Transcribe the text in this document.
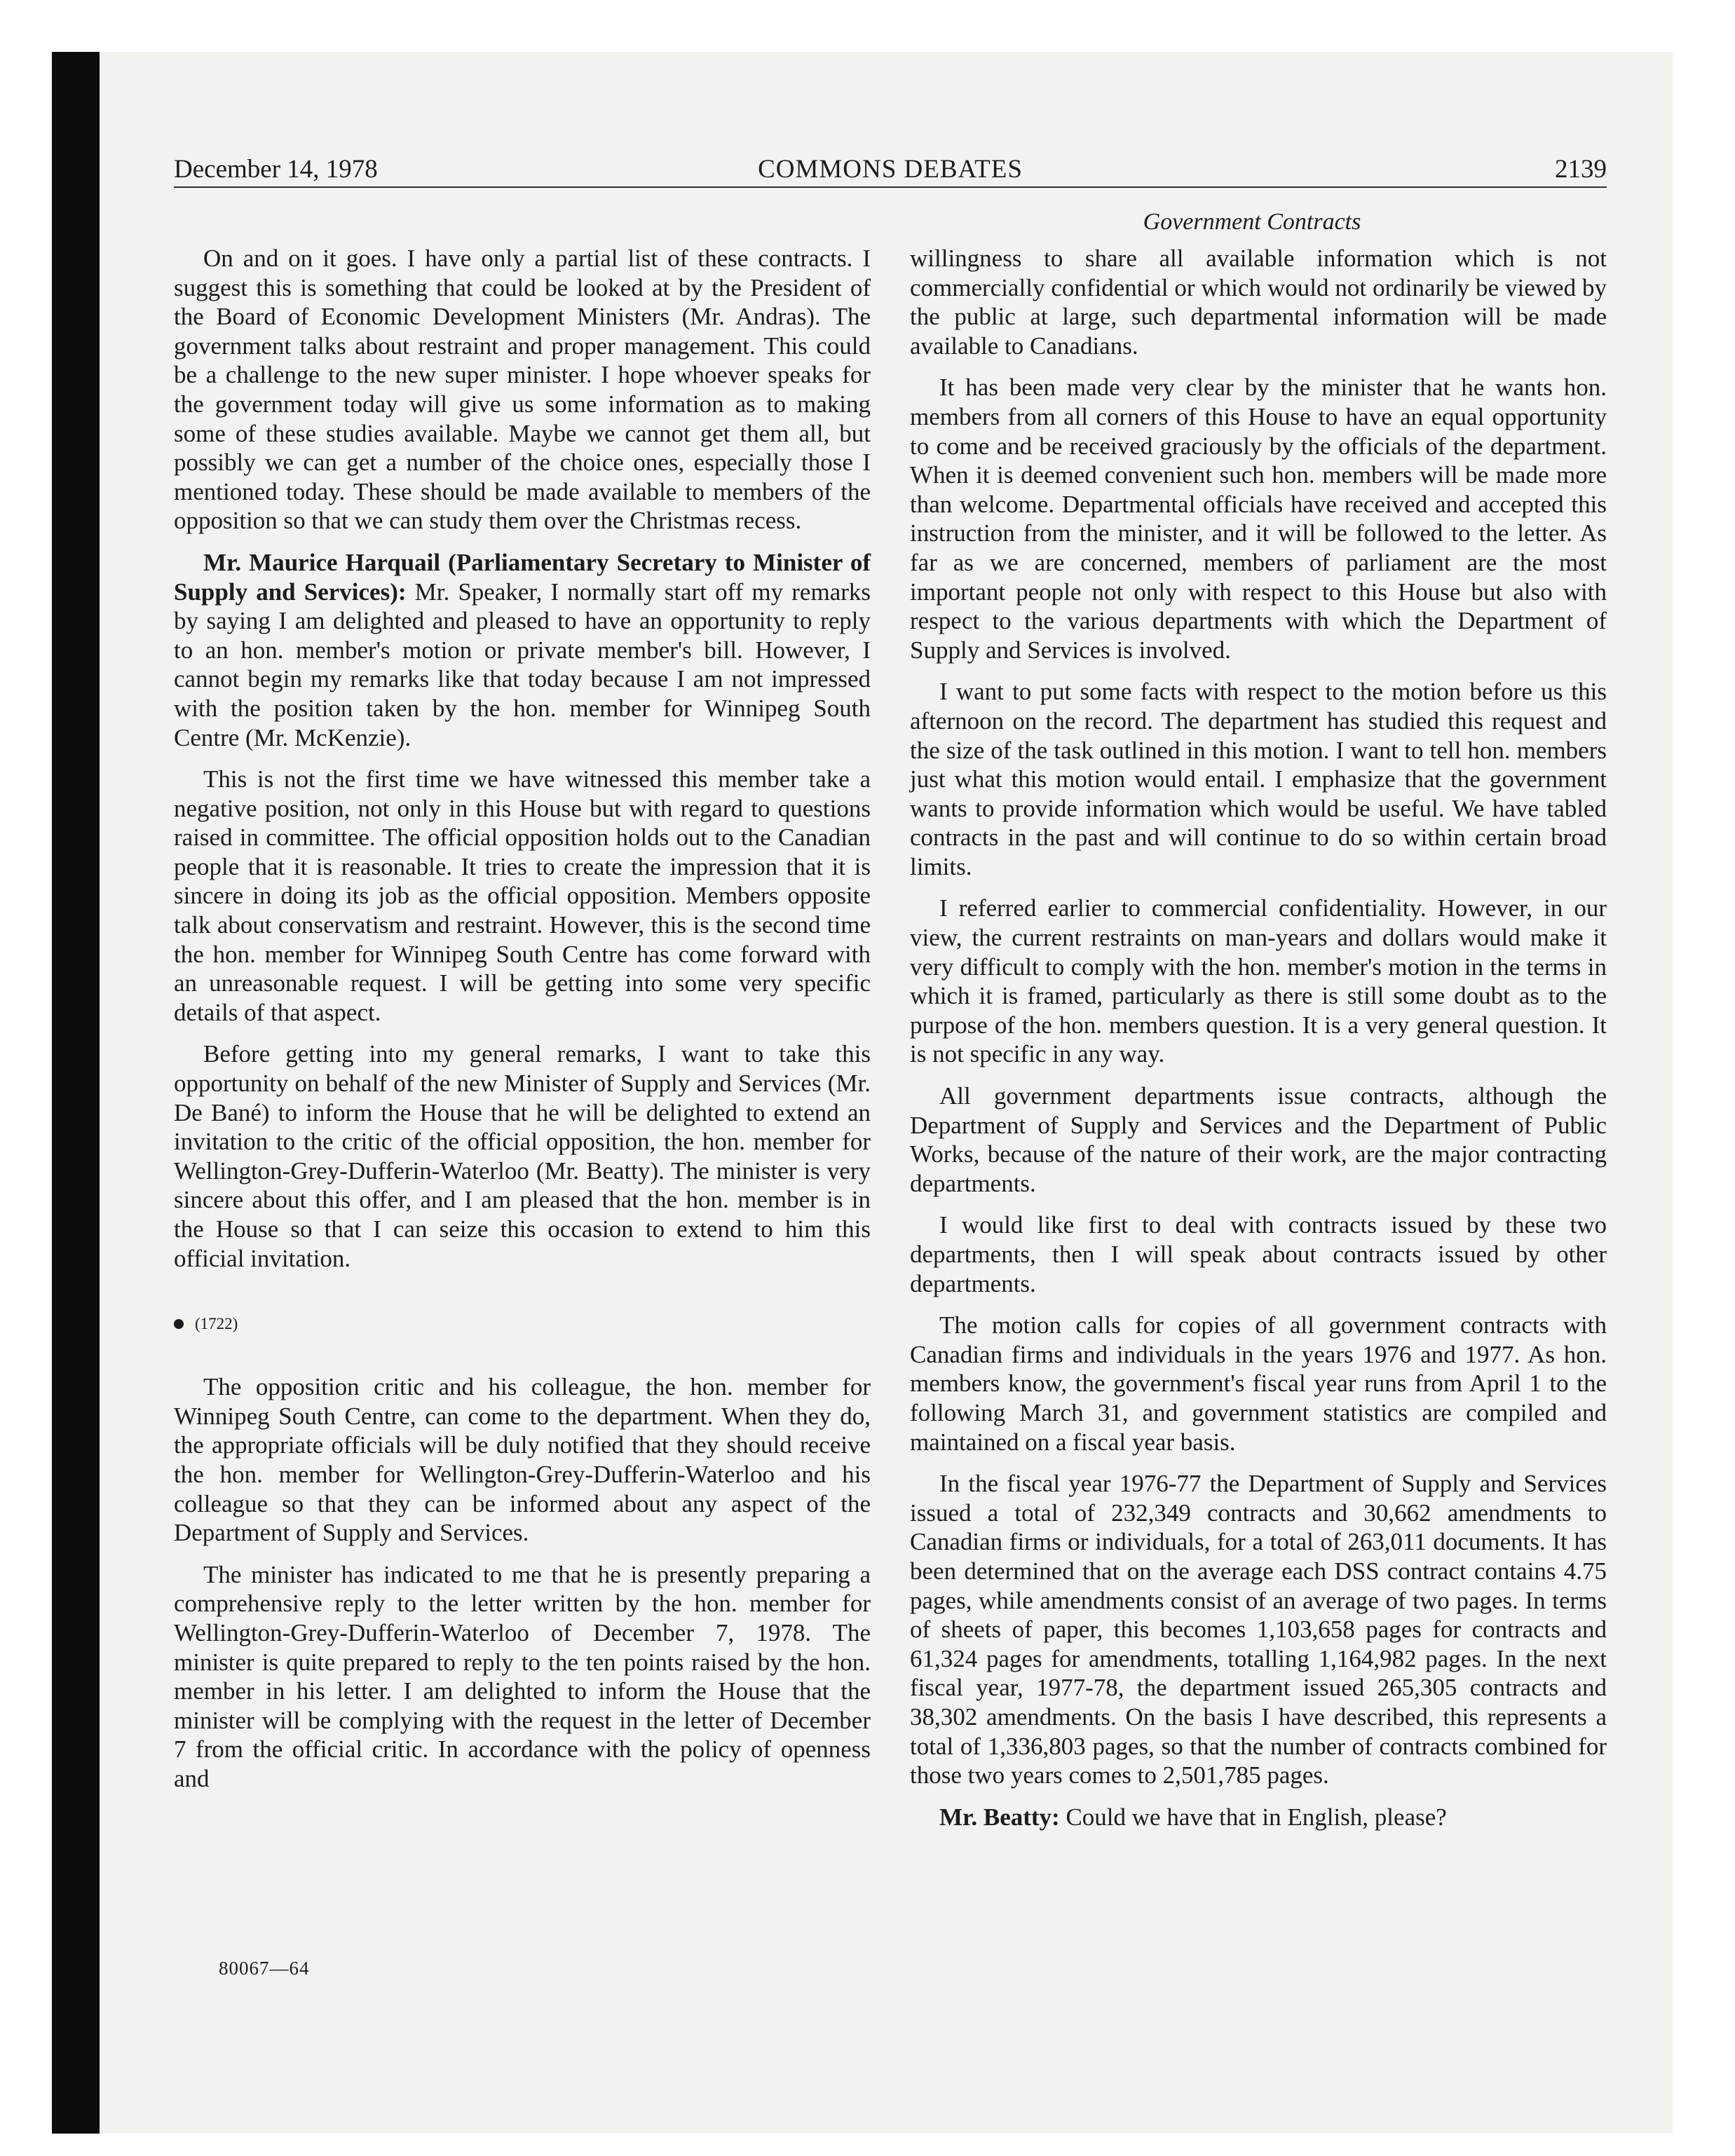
December 14, 1978	COMMONS DEBATES	2139
Government Contracts

On and on it goes. I have only a partial list of these contracts. I suggest this is something that could be looked at by the President of the Board of Economic Development Ministers (Mr. Andras). The government talks about restraint and proper management. This could be a challenge to the new super minister. I hope whoever speaks for the government today will give us some information as to making some of these studies available. Maybe we cannot get them all, but possibly we can get a number of the choice ones, especially those I mentioned today. These should be made available to members of the opposition so that we can study them over the Christmas recess.

Mr. Maurice Harquail (Parliamentary Secretary to Minister of Supply and Services): Mr. Speaker, I normally start off my remarks by saying I am delighted and pleased to have an opportunity to reply to an hon. member's motion or private member's bill. However, I cannot begin my remarks like that today because I am not impressed with the position taken by the hon. member for Winnipeg South Centre (Mr. McKenzie).

This is not the first time we have witnessed this member take a negative position, not only in this House but with regard to questions raised in committee. The official opposition holds out to the Canadian people that it is reasonable. It tries to create the impression that it is sincere in doing its job as the official opposition. Members opposite talk about conservatism and restraint. However, this is the second time the hon. member for Winnipeg South Centre has come forward with an unreasonable request. I will be getting into some very specific details of that aspect.

Before getting into my general remarks, I want to take this opportunity on behalf of the new Minister of Supply and Services (Mr. De Bané) to inform the House that he will be delighted to extend an invitation to the critic of the official opposition, the hon. member for Wellington-Grey-Dufferin-Waterloo (Mr. Beatty). The minister is very sincere about this offer, and I am pleased that the hon. member is in the House so that I can seize this occasion to extend to him this official invitation.

(1722)

The opposition critic and his colleague, the hon. member for Winnipeg South Centre, can come to the department. When they do, the appropriate officials will be duly notified that they should receive the hon. member for Wellington-Grey-Dufferin-Waterloo and his colleague so that they can be informed about any aspect of the Department of Supply and Services.

The minister has indicated to me that he is presently preparing a comprehensive reply to the letter written by the hon. member for Wellington-Grey-Dufferin-Waterloo of December 7, 1978. The minister is quite prepared to reply to the ten points raised by the hon. member in his letter. I am delighted to inform the House that the minister will be complying with the request in the letter of December 7 from the official critic. In accordance with the policy of openness and

willingness to share all available information which is not commercially confidential or which would not ordinarily be viewed by the public at large, such departmental information will be made available to Canadians.

It has been made very clear by the minister that he wants hon. members from all corners of this House to have an equal opportunity to come and be received graciously by the officials of the department. When it is deemed convenient such hon. members will be made more than welcome. Departmental officials have received and accepted this instruction from the minister, and it will be followed to the letter. As far as we are concerned, members of parliament are the most important people not only with respect to this House but also with respect to the various departments with which the Department of Supply and Services is involved.

I want to put some facts with respect to the motion before us this afternoon on the record. The department has studied this request and the size of the task outlined in this motion. I want to tell hon. members just what this motion would entail. I emphasize that the government wants to provide information which would be useful. We have tabled contracts in the past and will continue to do so within certain broad limits.

I referred earlier to commercial confidentiality. However, in our view, the current restraints on man-years and dollars would make it very difficult to comply with the hon. member's motion in the terms in which it is framed, particularly as there is still some doubt as to the purpose of the hon. members question. It is a very general question. It is not specific in any way.

All government departments issue contracts, although the Department of Supply and Services and the Department of Public Works, because of the nature of their work, are the major contracting departments.

I would like first to deal with contracts issued by these two departments, then I will speak about contracts issued by other departments.

The motion calls for copies of all government contracts with Canadian firms and individuals in the years 1976 and 1977. As hon. members know, the government's fiscal year runs from April 1 to the following March 31, and government statistics are compiled and maintained on a fiscal year basis.

In the fiscal year 1976-77 the Department of Supply and Services issued a total of 232,349 contracts and 30,662 amendments to Canadian firms or individuals, for a total of 263,011 documents. It has been determined that on the average each DSS contract contains 4.75 pages, while amendments consist of an average of two pages. In terms of sheets of paper, this becomes 1,103,658 pages for contracts and 61,324 pages for amendments, totalling 1,164,982 pages. In the next fiscal year, 1977-78, the department issued 265,305 contracts and 38,302 amendments. On the basis I have described, this represents a total of 1,336,803 pages, so that the number of contracts combined for those two years comes to 2,501,785 pages.

Mr. Beatty: Could we have that in English, please?

80067—64
